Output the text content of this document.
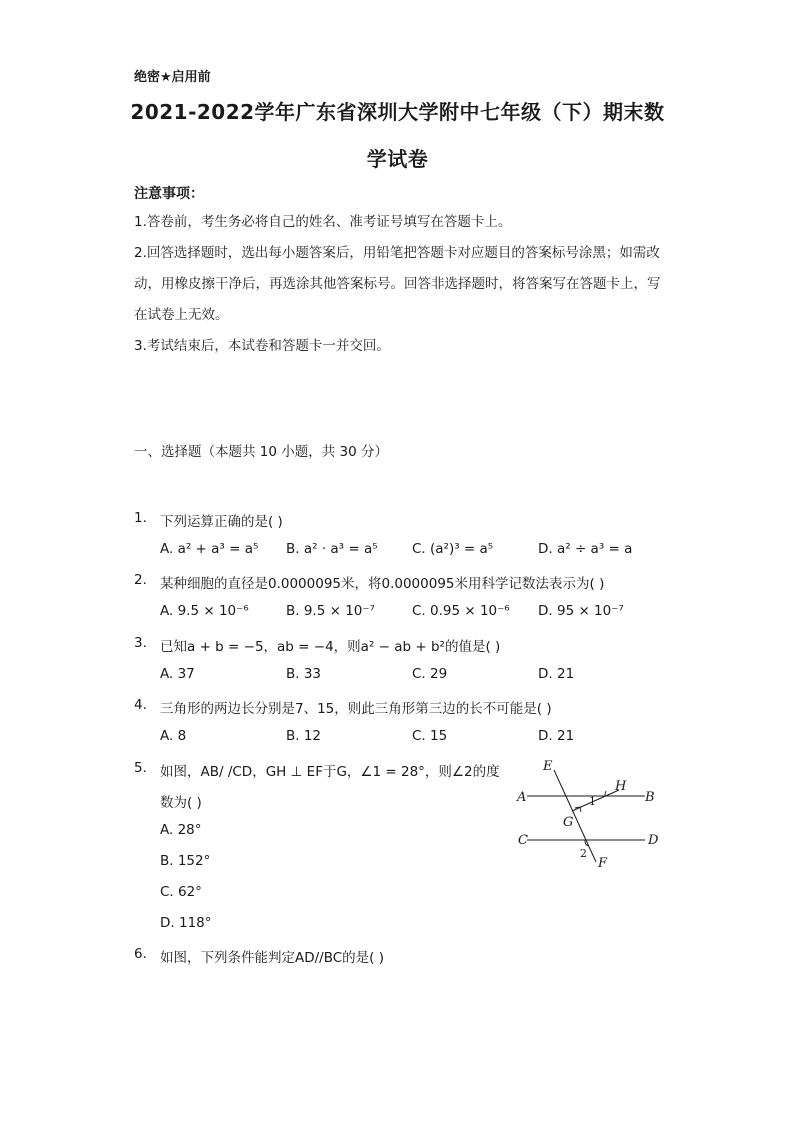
绝密★启用前
2021-2022学年广东省深圳大学附中七年级（下）期末数
学试卷
注意事项：
1.答卷前，考生务必将自己的姓名、准考证号填写在答题卡上。
2.回答选择题时，选出每小题答案后，用铅笔把答题卡对应题目的答案标号涂黑；如需改动，用橡皮擦干净后，再选涂其他答案标号。回答非选择题时，将答案写在答题卡上，写在试卷上无效。
3.考试结束后，本试卷和答题卡一并交回。
一、选择题（本题共 10 小题，共 30 分）
1. 下列运算正确的是( )
A. a² + a³ = a⁵	B. a² · a³ = a⁵	C. (a²)³ = a⁵	D. a² ÷ a³ = a
2. 某种细胞的直径是0.0000095米，将0.0000095米用科学记数法表示为( )
A. 9.5 × 10⁻⁶	B. 9.5 × 10⁻⁷	C. 0.95 × 10⁻⁶	D. 95 × 10⁻⁷
3. 已知a + b = −5，ab = −4，则a² − ab + b²的值是( )
A. 37	B. 33	C. 29	D. 21
4. 三角形的两边长分别是7、15，则此三角形第三边的长不可能是( )
A. 8	B. 12	C. 15	D. 21
5. 如图，AB/ /CD，GH ⊥ EF于G，∠1 = 28°，则∠2的度
数为( )
A. 28°
B. 152°
C. 62°
D. 118°
E
H
A	B
1
G
C	D
2
F
6. 如图，下列条件能判定AD//BC的是( )
